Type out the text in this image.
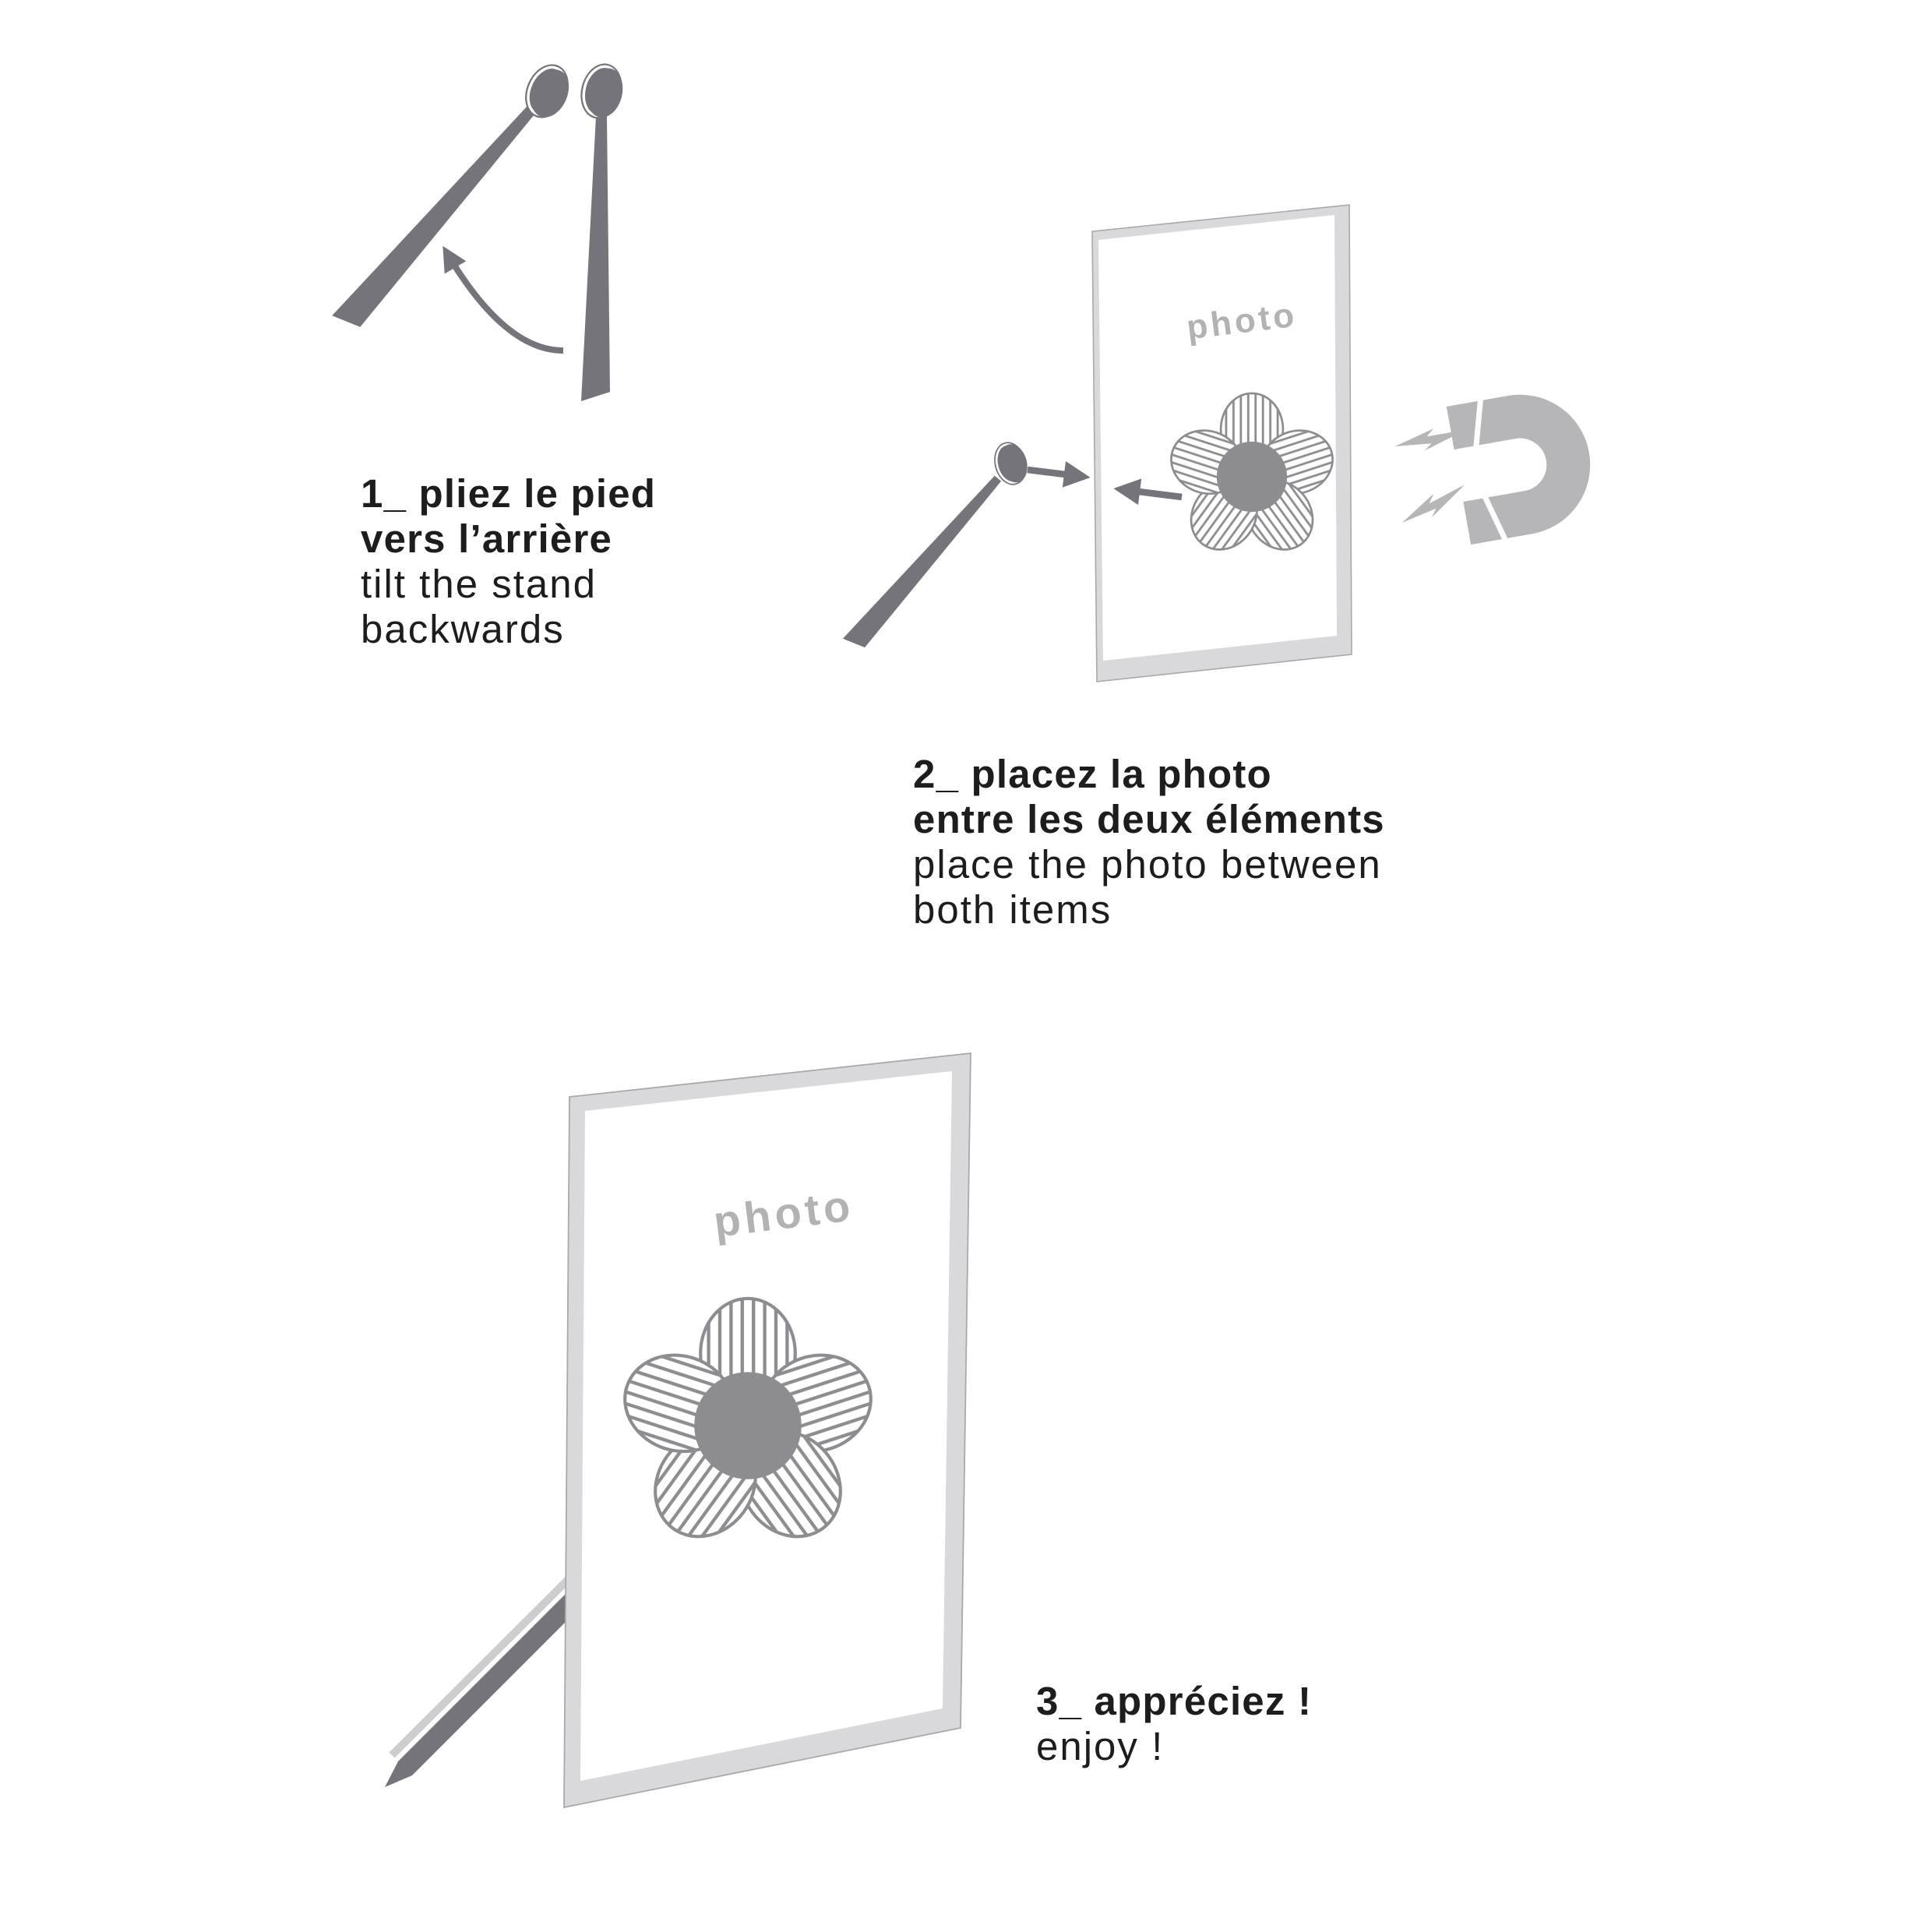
1_ pliez le pied
vers l’arrière
tilt the stand
backwards
photo
2_ placez la photo
entre les deux éléments
place the photo between
both items
photo
3_ appréciez !
enjoy !
